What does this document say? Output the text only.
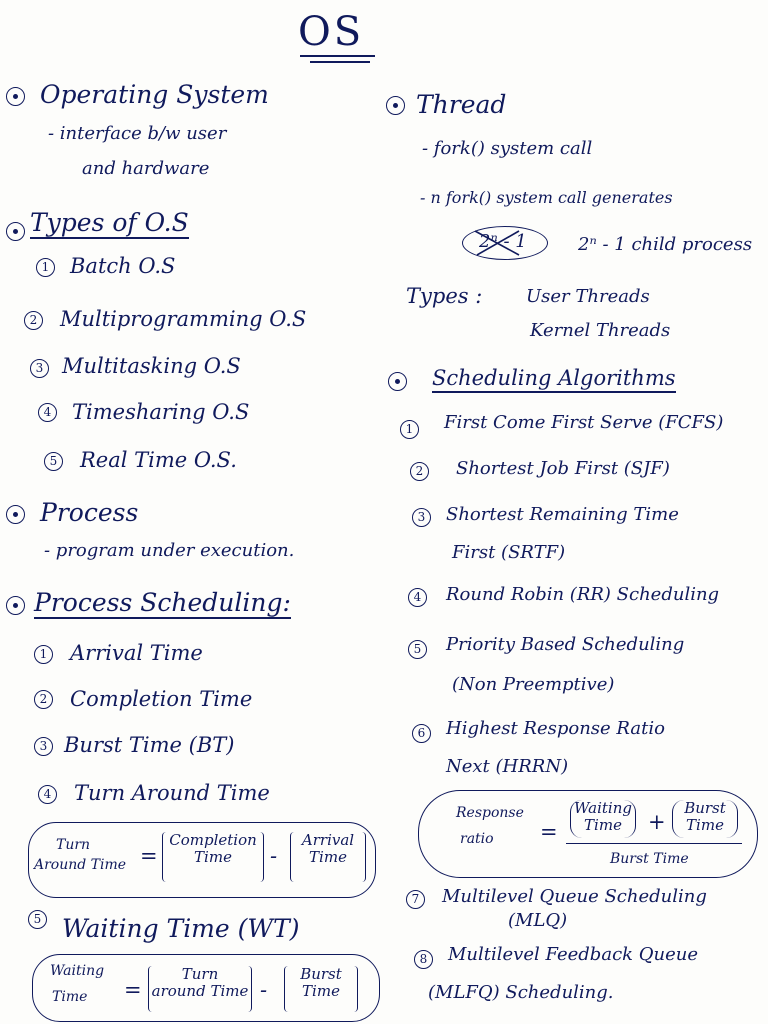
OS
Operating System
- interface b/w user
and hardware
Types of O.S
1 Batch O.S
2 Multiprogramming O.S
3 Multitasking O.S
4 Timesharing O.S
5 Real Time O.S.
Process
- program under execution.
Process Scheduling:
1 Arrival Time
2 Completion Time
3 Burst Time (BT)
4 Turn Around Time
Turn
Around Time =
Completion
Time	-
Arrival
Time
5 Waiting Time (WT)
Waiting
Time =
Turn
around Time -
Burst
Time
Thread
- fork() system call
- n fork() system call generates
2ⁿ - 1	2ⁿ - 1 child process
Types : User Threads
Kernel Threads
Scheduling Algorithms
1	First Come First Serve (FCFS)
2	Shortest Job First (SJF)
3	Shortest Remaining Time
First (SRTF)
4	Round Robin (RR) Scheduling
5	Priority Based Scheduling
(Non Preemptive)
6	Highest Response Ratio
Next (HRRN)
Response
ratio =
Waiting
Time	+
Burst
Time
Burst Time
7	Multilevel Queue Scheduling
(MLQ)
8	Multilevel Feedback Queue
(MLFQ) Scheduling.
